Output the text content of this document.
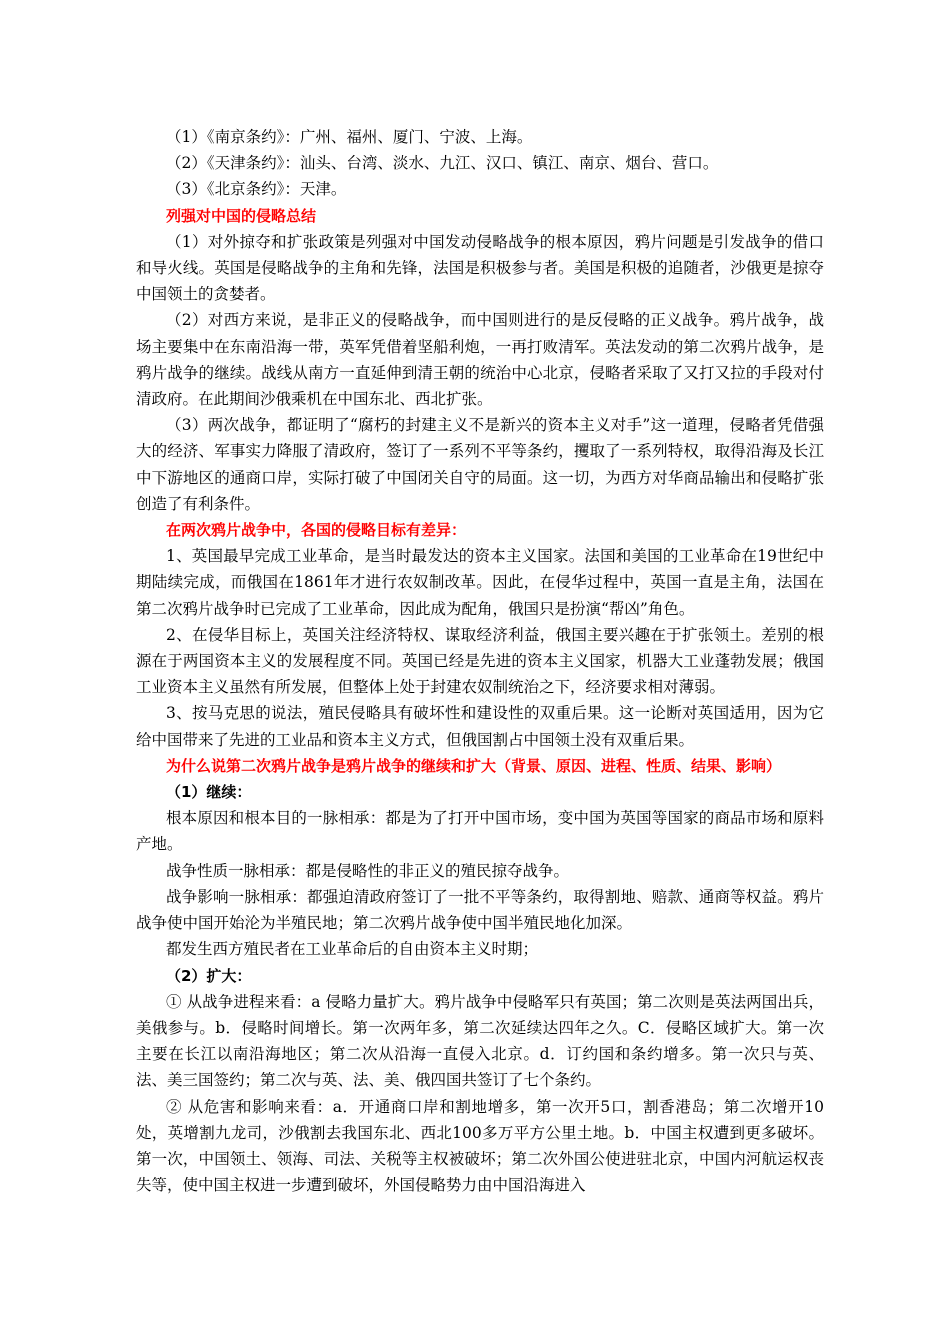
（1）《南京条约》：广州、福州、厦门、宁波、上海。

（2）《天津条约》：汕头、台湾、淡水、九江、汉口、镇江、南京、烟台、营口。

（3）《北京条约》：天津。

列强对中国的侵略总结

（1）对外掠夺和扩张政策是列强对中国发动侵略战争的根本原因，鸦片问题是引发战争的借口和导火线。英国是侵略战争的主角和先锋，法国是积极参与者。美国是积极的追随者，沙俄更是掠夺中国领土的贪婪者。

（2）对西方来说，是非正义的侵略战争，而中国则进行的是反侵略的正义战争。鸦片战争，战场主要集中在东南沿海一带，英军凭借着坚船利炮，一再打败清军。英法发动的第二次鸦片战争，是鸦片战争的继续。战线从南方一直延伸到清王朝的统治中心北京，侵略者采取了又打又拉的手段对付清政府。在此期间沙俄乘机在中国东北、西北扩张。

（3）两次战争，都证明了“腐朽的封建主义不是新兴的资本主义对手”这一道理，侵略者凭借强大的经济、军事实力降服了清政府，签订了一系列不平等条约，攫取了一系列特权，取得沿海及长江中下游地区的通商口岸，实际打破了中国闭关自守的局面。这一切，为西方对华商品输出和侵略扩张创造了有利条件。

在两次鸦片战争中，各国的侵略目标有差异：

1、英国最早完成工业革命，是当时最发达的资本主义国家。法国和美国的工业革命在19世纪中期陆续完成，而俄国在1861年才进行农奴制改革。因此，在侵华过程中，英国一直是主角，法国在第二次鸦片战争时已完成了工业革命，因此成为配角，俄国只是扮演“帮凶”角色。

2、在侵华目标上，英国关注经济特权、谋取经济利益，俄国主要兴趣在于扩张领土。差别的根源在于两国资本主义的发展程度不同。英国已经是先进的资本主义国家，机器大工业蓬勃发展；俄国工业资本主义虽然有所发展，但整体上处于封建农奴制统治之下，经济要求相对薄弱。

3、按马克思的说法，殖民侵略具有破坏性和建设性的双重后果。这一论断对英国适用，因为它给中国带来了先进的工业品和资本主义方式，但俄国割占中国领土没有双重后果。

为什么说第二次鸦片战争是鸦片战争的继续和扩大（背景、原因、进程、性质、结果、影响）

（1）继续：

根本原因和根本目的一脉相承：都是为了打开中国市场，变中国为英国等国家的商品市场和原料产地。

战争性质一脉相承：都是侵略性的非正义的殖民掠夺战争。

战争影响一脉相承：都强迫清政府签订了一批不平等条约，取得割地、赔款、通商等权益。鸦片战争使中国开始沦为半殖民地；第二次鸦片战争使中国半殖民地化加深。

都发生西方殖民者在工业革命后的自由资本主义时期；

（2）扩大：

① 从战争进程来看：a 侵略力量扩大。鸦片战争中侵略军只有英国；第二次则是英法两国出兵，美俄参与。b．侵略时间增长。第一次两年多，第二次延续达四年之久。C．侵略区域扩大。第一次主要在长江以南沿海地区；第二次从沿海一直侵入北京。d．订约国和条约增多。第一次只与英、法、美三国签约；第二次与英、法、美、俄四国共签订了七个条约。

② 从危害和影响来看：a．开通商口岸和割地增多，第一次开5口，割香港岛；第二次增开10处，英增割九龙司，沙俄割去我国东北、西北100多万平方公里土地。b．中国主权遭到更多破坏。第一次，中国领土、领海、司法、关税等主权被破坏；第二次外国公使进驻北京，中国内河航运权丧失等，使中国主权进一步遭到破坏，外国侵略势力由中国沿海进入
